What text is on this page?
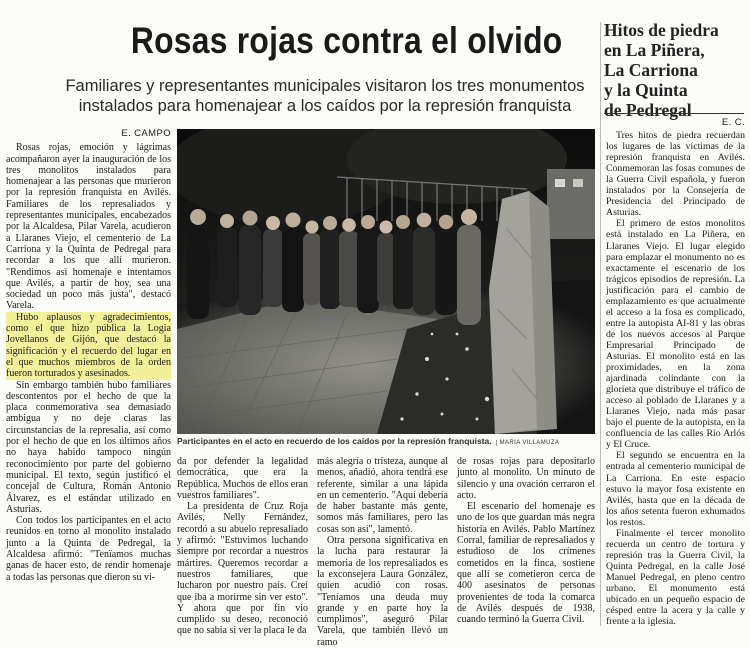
Rosas rojas contra el olvido
Familiares y representantes municipales visitaron los tres monumentos instalados para homenajear a los caídos por la represión franquista
Hitos de piedra
en La Piñera,
La Carriona
y la Quinta
de Pedregal
E. CAMPO

Rosas rojas, emoción y lágrimas acompañaron ayer la inauguración de los tres monolitos instalados para homenajear a las personas que murieron por la represión franquista en Avilés. Familiares de los represaliados y representantes municipales, encabezados por la Alcaldesa, Pilar Varela, acudieron a Llaranes Viejo, el cementerio de La Carriona y la Quinta de Pedregal para recordar a los que allí murieron. "Rendimos así homenaje e intentamos que Avilés, a partir de hoy, sea una sociedad un poco más justa", destacó Varela.

Hubo aplausos y agradecimientos, como el que hizo pública la Logia Jovellanos de Gijón, que destacó la significación y el recuerdo del lugar en el que muchos miembros de la orden fueron torturados y asesinados.

Sin embargo también hubo familiares descontentos por el hecho de que la placa conmemorativa sea demasiado ambigua y no deje claras las circunstancias de la represalia, así como por el hecho de que en los últimos años no haya habido tampoco ningún reconocimiento por parte del gobierno municipal. El texto, según justificó el concejal de Cultura, Román Antonio Álvarez, es el estándar utilizado en Asturias.

Con todos los participantes en el acto reunidos en torno al monolito instalado junto a la Quinta de Pedregal, la Alcaldesa afirmó: "Tenïamos muchas ganas de hacer esto, de rendir homenaje a todas las personas que dieron su vi-

Participantes en el acto en recuerdo de los caídos por la represión franquista. MARIA VILLAMUZA

da por defender la legalidad democrática, que era la República. Muchos de ellos eran vuestros familiares".

La presidenta de Cruz Roja Avilés, Nelly Fernández, recordó a su abuelo represaliado y afirmó: "Estuvimos luchando siempre por recordar a nuestros mártires. Queremos recordar a nuestros familiares, que lucharon por nuestro país. Creí que iba a morirme sin ver esto". Y ahora que por fin vio cumplido su deseo, reconoció que no sabía si ver la placa le da

más alegría o tristeza, aunque al menos, añadió, ahora tendrá ese referente, similar a una lápida en un cementerio. "Aquí debería de haber bastante más gente, somos más familiares, pero las cosas son así", lamentó.

Otra persona significativa en la lucha para restaurar la memoria de los represaliados es la exconsejera Laura González, quien acudió con rosas. "Teníamos una deuda muy grande y en parte hoy la cumplimos", aseguró Pilar Varela, que también llevó un ramo

de rosas rojas para depositarlo junto al monolito. Un minuto de silencio y una ovación cerraron el acto.

El escenario del homenaje es uno de los que guardan más negra historia en Avilés. Pablo Martínez Corral, familiar de represaliados y estudioso de los crímenes cometidos en la finca, sostiene que allí se cometieron cerca de 400 asesinatos de personas provenientes de toda la comarca de Avilés después de 1938, cuando terminó la Guerra Civil.

E. C.

Tres hitos de piedra recuerdan los lugares de las víctimas de la represión franquista en Avilés. Conmemoran las fosas comunes de la Guerra Civil española, y fueron instalados por la Consejería de Presidencia del Principado de Asturias.

El primero de estos monolitos está instalado en La Piñera, en Llaranes Viejo. El lugar elegido para emplazar el monumento no es exactamente el escenario de los trágicos episodios de represión. La justificación para el cambio de emplazamiento es que actualmente el acceso a la fosa es complicado, entre la autopista AI-81 y las obras de los nuevos accesos al Parque Empresarial Principado de Asturias. El monolito está en las proximidades, en la zona ajardinada colindante con la glorieta que distribuye el tráfico de acceso al poblado de Llaranes y a Llaranes Viejo, nada más pasar bajo el puente de la autopista, en la confluencia de las calles Río Arlós y El Cruce.

El segundo se encuentra en la entrada al cementerio municipal de La Carriona. En este espacio estuvo la mayor fosa existente en Avilés, hasta que en la década de los años setenta fueron exhumados los restos.

Finalmente el tercer monolito recuerda un centro de tortura y represión tras la Guerra Civil, la Quinta Pedregal, en la calle José Manuel Pedregal, en pleno centro urbano. El monumento está ubicado en un pequeño espacio de césped entre la acera y la calle y frente a la iglesia.
